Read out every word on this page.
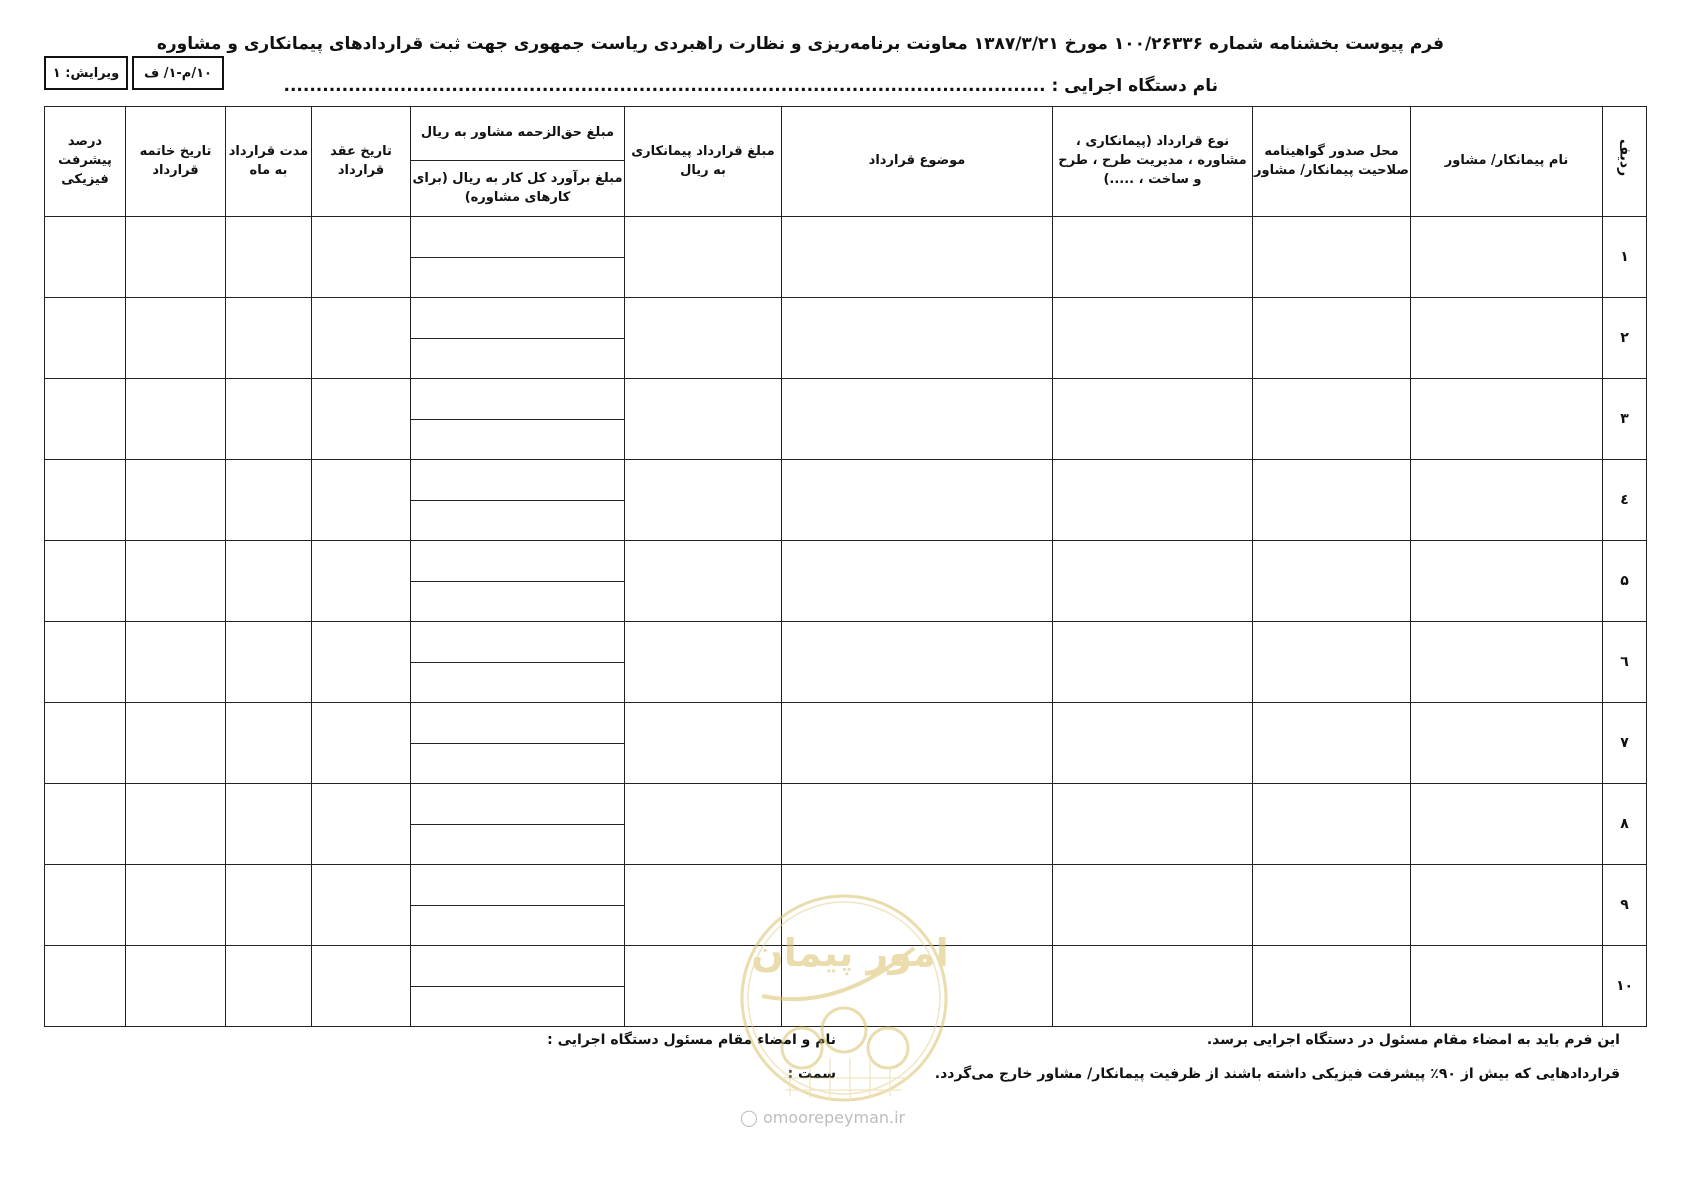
فرم پیوست بخشنامه شماره ۱۰۰/۲۶۳۳۶ مورخ ۱۳۸۷/۳/۲۱ معاونت برنامه‌ریزی و نظارت راهبردی ریاست جمهوری جهت ثبت قراردادهای پیمانکاری و مشاوره
نام دستگاه اجرایی : ......................................................................................................................
۱۰/م-۱/ ف
ویرایش: ۱
ردیف	نام پیمانکار/ مشاور	محل صدور گواهینامه صلاحیت پیمانکار/ مشاور	نوع قرارداد (پیمانکاری ، مشاوره ، مدیریت طرح ، طرح و ساخت ، .....)	موضوع قرارداد	مبلغ قرارداد پیمانکاری به ریال	مبلغ حق‌الزحمه مشاور به ریال	تاریخ عقد قرارداد	مدت قرارداد به ماه	تاریخ خاتمه قرارداد	درصد پیشرفت فیزیکی
						مبلغ برآورد کل کار به ریال (برای کارهای مشاوره)				
۱						

۲						

۳						

٤						

۵						

٦						

۷						

۸						

۹						

۱۰						

این فرم باید به امضاء مقام مسئول در دستگاه اجرایی برسد.
قراردادهایی که بیش از ۹۰٪ پیشرفت فیزیکی داشته باشند از ظرفیت پیمانکار/ مشاور خارج می‌گردد.
نام و امضاء مقام مسئول دستگاه اجرایی :
سمت :
امور پیمان
◯ omoorepeyman.ir
